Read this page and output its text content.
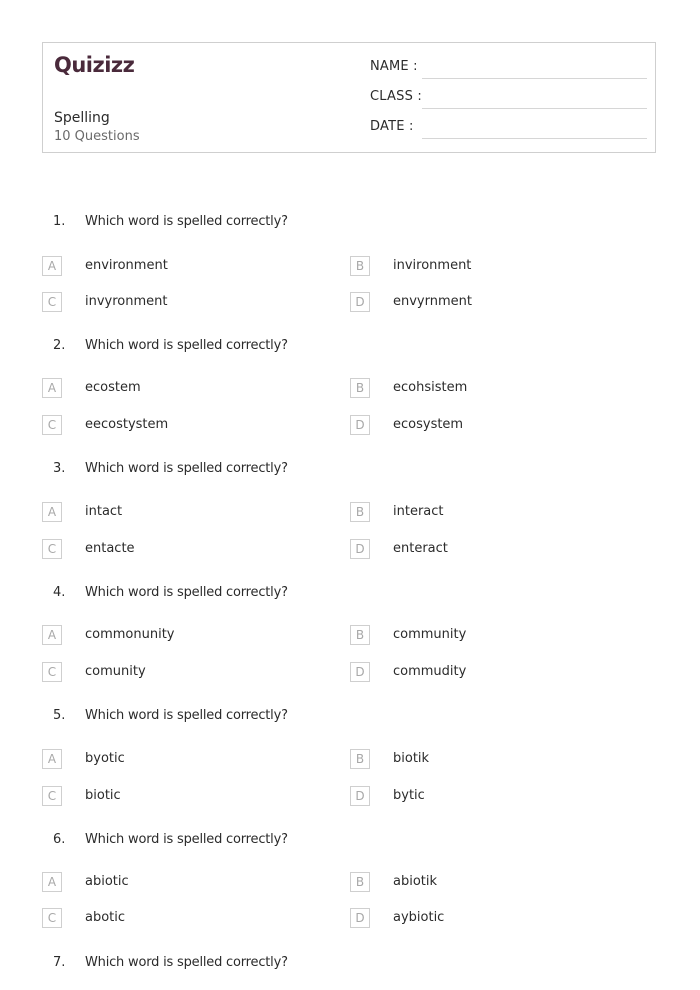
Quizizz
Spelling
10 Questions
NAME :
CLASS :
DATE :
1. Which word is spelled correctly?
A	environment	B	invironment
C	invyronment	D	envyrnment
2. Which word is spelled correctly?
A	ecostem	B	ecohsistem
C	eecostystem	D	ecosystem
3. Which word is spelled correctly?
A	intact	B	interact
C	entacte	D	enteract
4. Which word is spelled correctly?
A	commonunity	B	community
C	comunity	D	commudity
5. Which word is spelled correctly?
A	byotic	B	biotik
C	biotic	D	bytic
6. Which word is spelled correctly?
A	abiotic	B	abiotik
C	abotic	D	aybiotic
7. Which word is spelled correctly?
